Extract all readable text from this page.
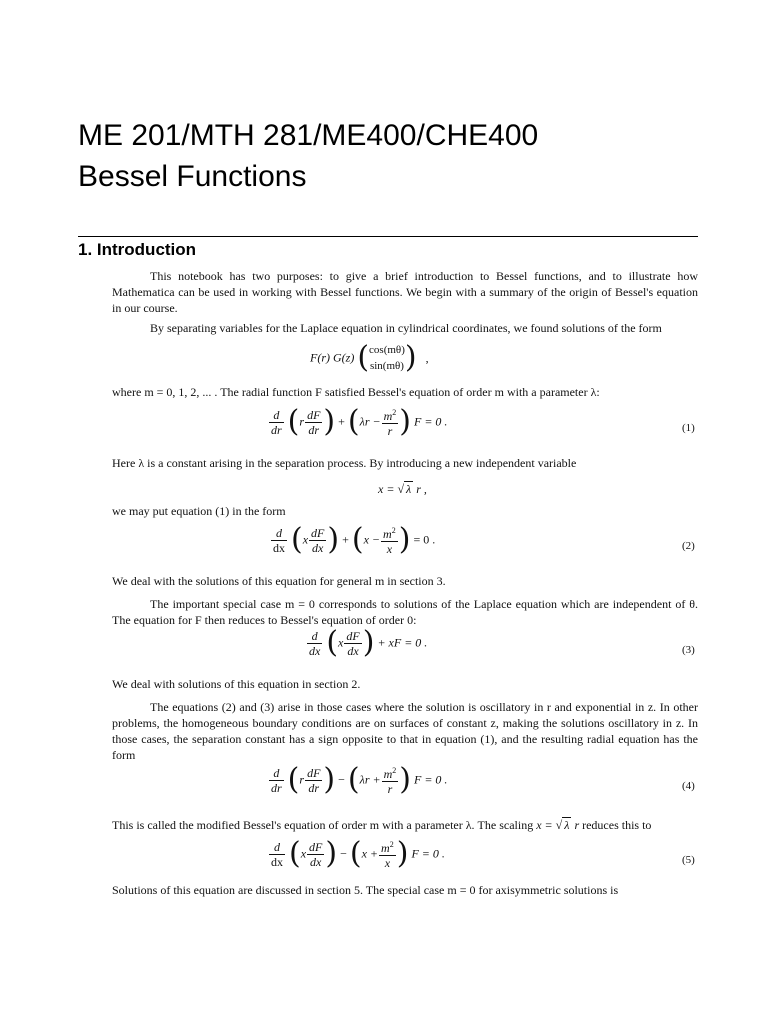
ME 201/MTH 281/ME400/CHE400
Bessel Functions
1. Introduction
This notebook has two purposes: to give a brief introduction to Bessel functions, and to illustrate how Mathematica can be used in working with Bessel functions. We begin with a summary of the origin of Bessel's equation in our course.
By separating variables for the Laplace equation in cylindrical coordinates, we found solutions of the form
F(r) G(z) ( cos(mθ)
sin(mθ) ) ,
where m = 0, 1, 2, ... . The radial function F satisfied Bessel's equation of order m with a parameter λ:
$\frac{d}{dr} (r \frac{dF}{dr}$ ) + ($\lambda r - \frac{m^2}{r}$ ) F = 0 .	(1)
Here λ is a constant arising in the separation process. By introducing a new independent variable
x = √ λ r ,
we may put equation (1) in the form
$\frac{d}{dx} (x \frac{dF}{dx}$ ) + ($x - \frac{m^2}{x}$ ) = 0 .	(2)
We deal with the solutions of this equation for general m in section 3.
The important special case m = 0 corresponds to solutions of the Laplace equation which are independent of θ. The equation for F then reduces to Bessel's equation of order 0:
$\frac{d}{dx} (x \frac{dF}{dx}$ ) + xF = 0 .
(3)
We deal with solutions of this equation in section 2.
The equations (2) and (3) arise in those cases where the solution is oscillatory in r and exponential in z. In other problems, the homogeneous boundary conditions are on surfaces of constant z, making the solutions oscillatory in z. In those cases, the separation constant has a sign opposite to that in equation (1), and the resulting radial equation has the form
$\frac{d}{dr} (r \frac{dF}{dr}$ ) − ($\lambda r + \frac{m^2}{r}$ ) F = 0 .	(4)
This is called the modified Bessel's equation of order m with a parameter λ. The scaling x = √ λ r reduces this to
$\frac{d}{dx} (x \frac{dF}{dx}$ ) − ($x + \frac{m^2}{x}$ ) F = 0 .	(5)
Solutions of this equation are discussed in section 5. The special case m = 0 for axisymmetric solutions is
